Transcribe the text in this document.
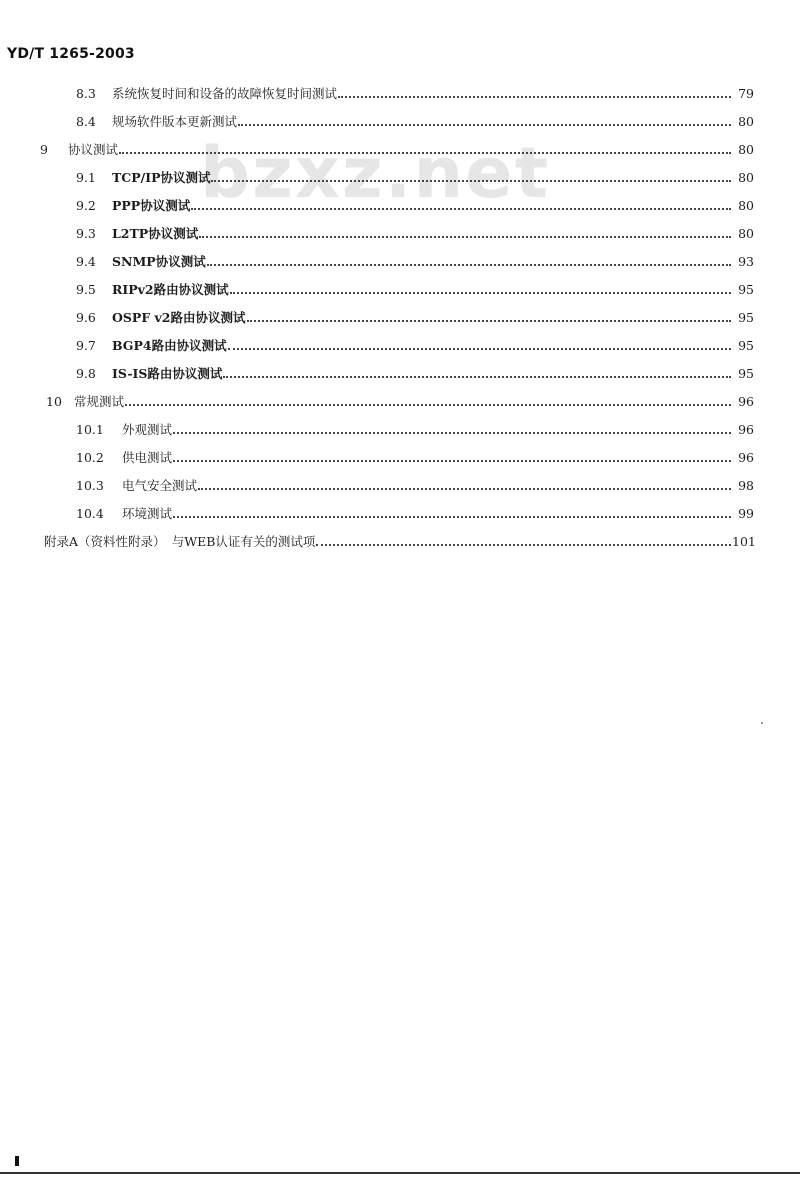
YD/T 1265-2003
bzxz.net
8.3	系统恢复时间和设备的故障恢复时间测试	79
8.4	规场软件版本更新测试	80
9	协议测试	80
9.1	TCP/IP协议测试	80
9.2	PPP协议测试	80
9.3	L2TP协议测试	80
9.4	SNMP协议测试	93
9.5	RIPv2路由协议测试	95
9.6	OSPF v2路由协议测试	95
9.7	BGP4路由协议测试	95
9.8	IS-IS路由协议测试	95
10 常规测试	96
10.1	外观测试	96
10.2	供电测试	96
10.3	电气安全测试	98
10.4	环境测试	99
附录A（资料性附录）　与WEB认证有关的测试项	101
